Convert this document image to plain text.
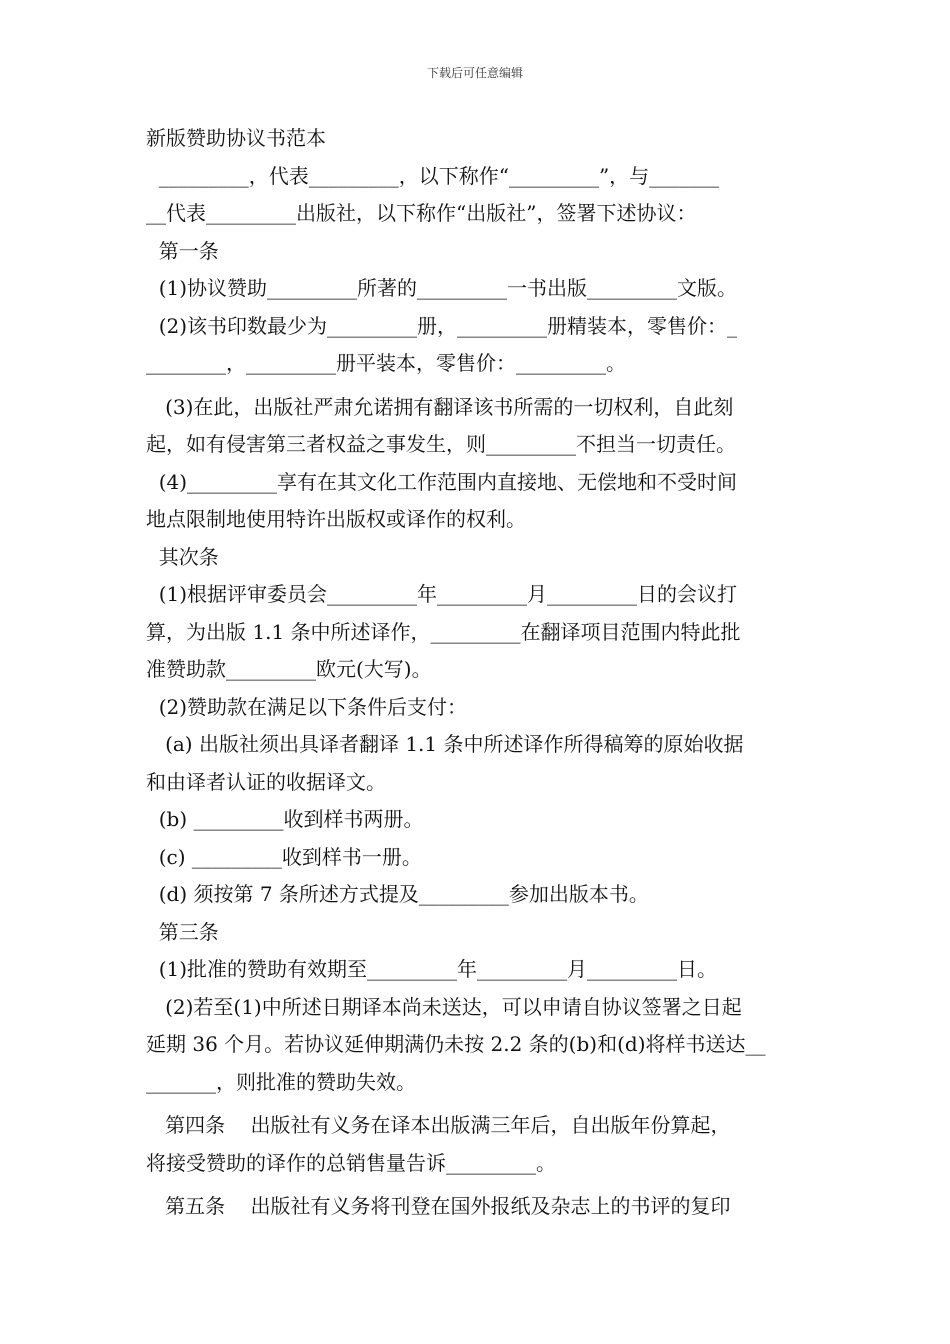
下载后可任意编辑
新版赞助协议书范本
_________，代表_________，以下称作“_________”，与_______
__代表_________出版社，以下称作“出版社”，签署下述协议：
第一条
(1)协议赞助_________所著的_________一书出版_________文版。
(2)该书印数最少为_________册，_________册精装本，零售价：_
________，_________册平装本，零售价：_________。
(3)在此，出版社严肃允诺拥有翻译该书所需的一切权利，自此刻
起，如有侵害第三者权益之事发生，则_________不担当一切责任。
(4)_________享有在其文化工作范围内直接地、无偿地和不受时间
地点限制地使用特许出版权或译作的权利。
其次条
(1)根据评审委员会_________年_________月_________日的会议打
算，为出版 1.1 条中所述译作，_________在翻译项目范围内特此批
准赞助款_________欧元(大写)。
(2)赞助款在满足以下条件后支付：
(a) 出版社须出具译者翻译 1.1 条中所述译作所得稿筹的原始收据
和由译者认证的收据译文。
(b) _________收到样书两册。
(c) _________收到样书一册。
(d) 须按第 7 条所述方式提及_________参加出版本书。
第三条
(1)批准的赞助有效期至_________年_________月_________日。
(2)若至(1)中所述日期译本尚未送达，可以申请自协议签署之日起
延期 36 个月。若协议延伸期满仍未按 2.2 条的(b)和(d)将样书送达__
_______，则批准的赞助失效。
第四条    出版社有义务在译本出版满三年后，自出版年份算起，
将接受赞助的译作的总销售量告诉_________。
第五条    出版社有义务将刊登在国外报纸及杂志上的书评的复印
